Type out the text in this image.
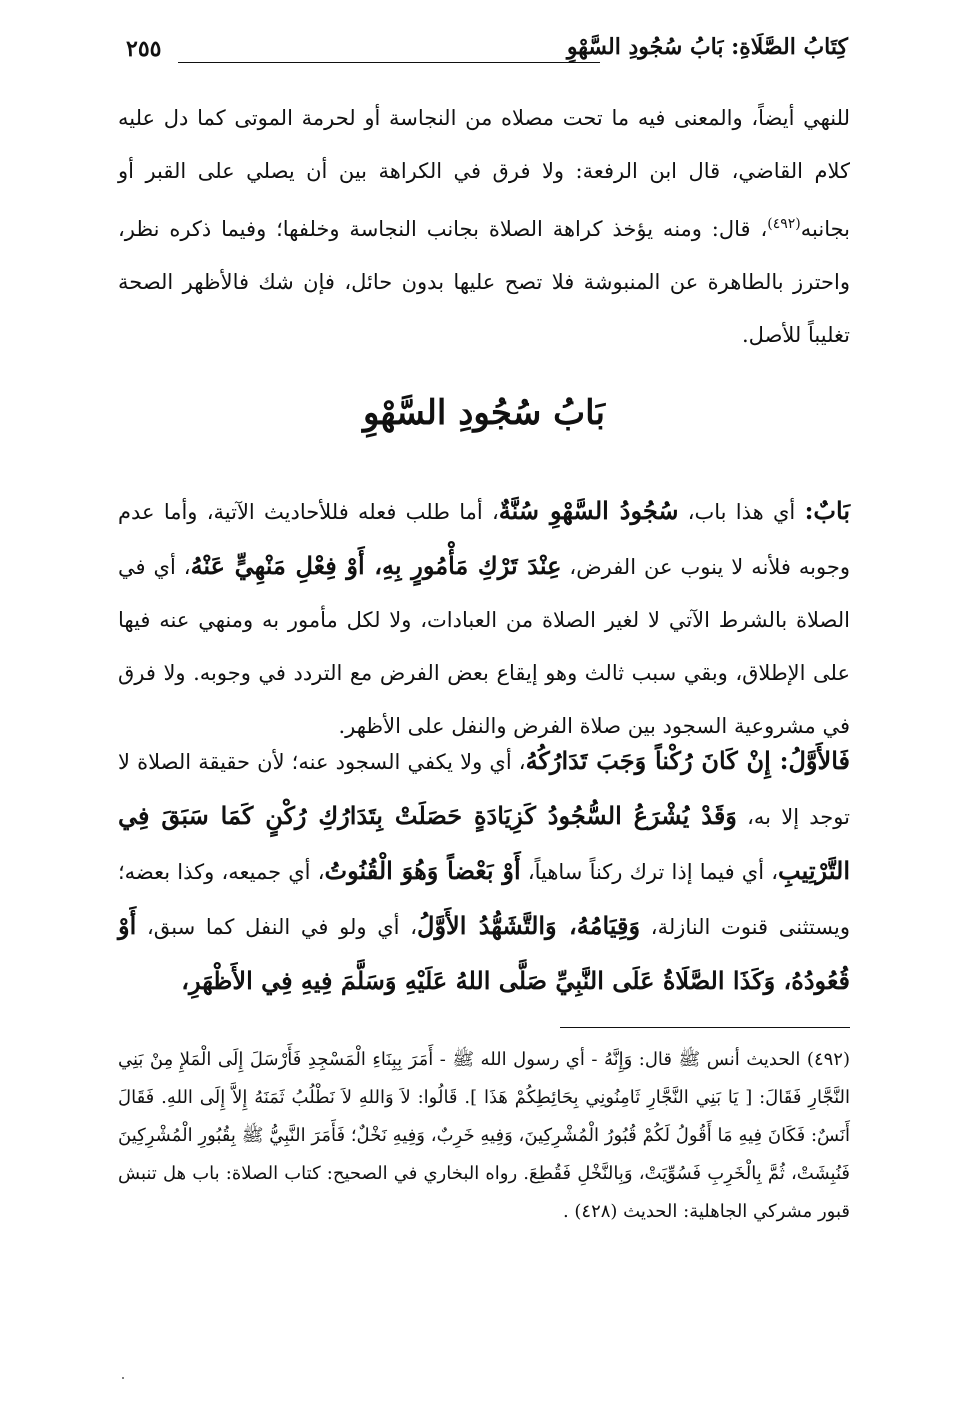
كِتَابُ الصَّلَاةِ: بَابُ سُجُودِ السَّهْوِ
٢٥٥

للنهي أيضاً، والمعنى فيه ما تحت مصلاه من النجاسة أو لحرمة الموتى كما دل عليه كلام القاضي، قال ابن الرفعة: ولا فرق في الكراهة بين أن يصلي على القبر أو بجانبه$^{(٤٩٢)}$، قال: ومنه يؤخذ كراهة الصلاة بجانب النجاسة وخلفها؛ وفيما ذكره نظر، واحترز بالطاهرة عن المنبوشة فلا تصح عليها بدون حائل، فإن شك فالأظهر الصحة تغليباً للأصل.

بَابُ سُجُودِ السَّهْوِ

بَابٌ: أي هذا باب، سُجُودُ السَّهْوِ سُنَّةٌ، أما طلب فعله فللأحاديث الآتية، وأما عدم وجوبه فلأنه لا ينوب عن الفرض، عِنْدَ تَرْكِ مَأْمُورٍ بِهِ، أَوْ فِعْلِ مَنْهِيٍّ عَنْهُ، أي في الصلاة بالشرط الآتي لا لغير الصلاة من العبادات، ولا لكل مأمور به ومنهي عنه فيها على الإطلاق، وبقي سبب ثالث وهو إيقاع بعض الفرض مع التردد في وجوبه. ولا فرق في مشروعية السجود بين صلاة الفرض والنفل على الأظهر.

فَالأَوَّلُ: إِنْ كَانَ رُكْناً وَجَبَ تَدَارُكُهُ، أي ولا يكفي السجود عنه؛ لأن حقيقة الصلاة لا توجد إلا به، وَقَدْ يُشْرَعُ السُّجُودُ كَزِيَادَةٍ حَصَلَتْ بِتَدَارُكِ رُكْنٍ كَمَا سَبَقَ فِي التَّرْتِيبِ، أي فيما إذا ترك ركناً ساهياً، أَوْ بَعْضاً وَهُوَ الْقُنُوتُ، أي جميعه، وكذا بعضه؛ ويستثنى قنوت النازلة، وَقِيَامُهُ، وَالتَّشَهُّدُ الأَوَّلُ، أي ولو في النفل كما سبق، أَوْ قُعُودُهُ، وَكَذَا الصَّلَاةُ عَلَى النَّبِيِّ صَلَّى اللهُ عَلَيْهِ وَسَلَّمَ فِيهِ فِي الأَظْهَرِ،

(٤٩٢) الحديث أنس ﷺ قال: وَإِنَّهُ - أي رسول الله ﷺ - أَمَرَ بِبِنَاءِ الْمَسْجِدِ فَأَرْسَلَ إِلَى الْمَلإِ مِنْ بَنِي النَّجَّارِ فَقَالَ: [ يَا بَنِي النَّجَّارِ ثَامِنُونِي بِحَائِطِكُمْ هَذَا ]. قَالُوا: لاَ وَاللهِ لاَ نَطْلُبُ ثَمَنَهُ إِلاَّ إِلَى اللهِ. فَقَالَ أَنَسٌ: فَكَانَ فِيهِ مَا أَقُولُ لَكُمْ قُبُورُ الْمُشْرِكِينَ، وَفِيهِ خَرِبٌ، وَفِيهِ نَخْلٌ؛ فَأَمَرَ النَّبِيُّ ﷺ بِقُبُورِ الْمُشْرِكِينَ فَنُبِشَتْ، ثُمَّ بِالْخَرِبِ فَسُوِّيَتْ، وَبِالنَّخْلِ فَقُطِعَ. رواه البخاري في الصحيح: كتاب الصلاة: باب هل تنبش قبور مشركي الجاهلية: الحديث (٤٢٨) .
